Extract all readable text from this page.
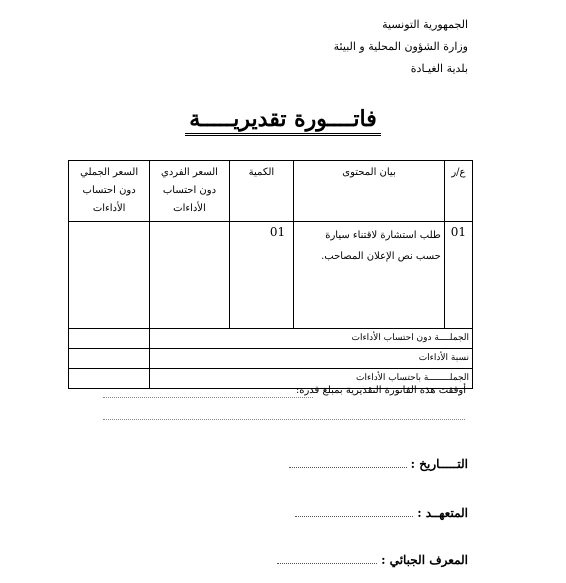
الجمهورية التونسية
وزارة الشؤون المحلية و البيئة
بلدية الغيـادة
فاتــــورة تقديريـــــة
ع/ر	بيان المحتوى	الكمية	السعر الفردي دون احتساب الأداءات	السعر الجملي دون احتساب الأداءات
01	طلب استشارة لاقتناء سيارة حسب نص الإعلان المصاحب.	01		
الجملــــة دون احتساب الأداءات				
نسبة الأداءات				
الجملــــــــة باحتساب الأداءات				
أوقفت هذه الفاتورة التقديرية بمبلغ قدره:
التـــــاريخ :
المتعهــد :
المعرف الجبائي :
